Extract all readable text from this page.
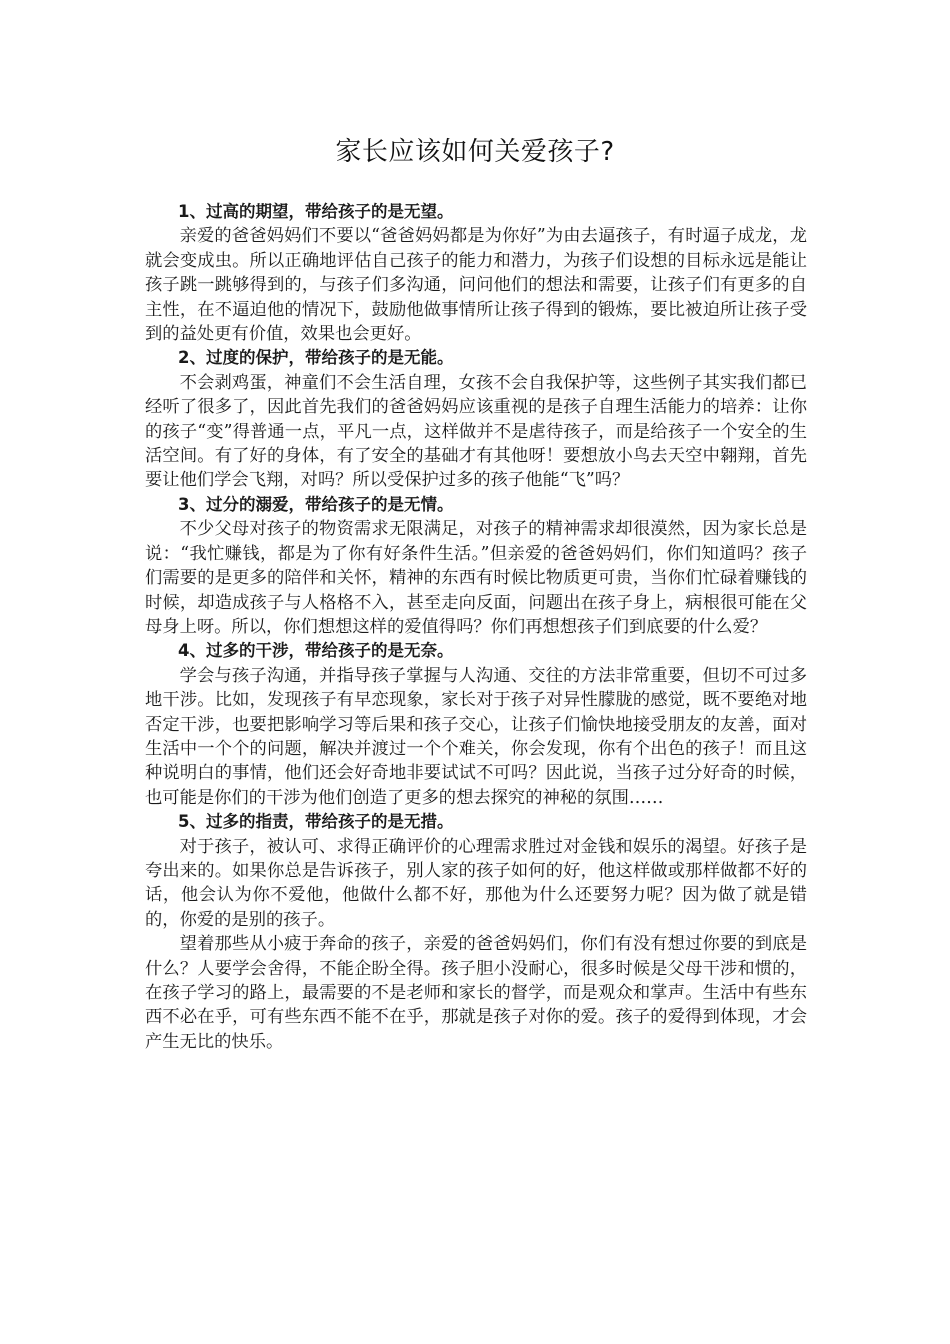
家长应该如何关爱孩子?

1、过高的期望，带给孩子的是无望。

亲爱的爸爸妈妈们不要以“爸爸妈妈都是为你好”为由去逼孩子，有时逼子成龙，龙就会变成虫。所以正确地评估自己孩子的能力和潜力，为孩子们设想的目标永远是能让孩子跳一跳够得到的，与孩子们多沟通，问问他们的想法和需要，让孩子们有更多的自主性，在不逼迫他的情况下，鼓励他做事情所让孩子得到的锻炼，要比被迫所让孩子受到的益处更有价值，效果也会更好。

2、过度的保护，带给孩子的是无能。

不会剥鸡蛋，神童们不会生活自理，女孩不会自我保护等，这些例子其实我们都已经听了很多了，因此首先我们的爸爸妈妈应该重视的是孩子自理生活能力的培养：让你的孩子“变”得普通一点，平凡一点，这样做并不是虐待孩子，而是给孩子一个安全的生活空间。有了好的身体，有了安全的基础才有其他呀！要想放小鸟去天空中翱翔，首先要让他们学会飞翔，对吗？所以受保护过多的孩子他能“飞”吗？

3、过分的溺爱，带给孩子的是无情。

不少父母对孩子的物资需求无限满足，对孩子的精神需求却很漠然，因为家长总是说：“我忙赚钱，都是为了你有好条件生活。”但亲爱的爸爸妈妈们，你们知道吗？孩子们需要的是更多的陪伴和关怀，精神的东西有时候比物质更可贵，当你们忙碌着赚钱的时候，却造成孩子与人格格不入，甚至走向反面，问题出在孩子身上，病根很可能在父母身上呀。所以，你们想想这样的爱值得吗？你们再想想孩子们到底要的什么爱？

4、过多的干涉，带给孩子的是无奈。

学会与孩子沟通，并指导孩子掌握与人沟通、交往的方法非常重要，但切不可过多地干涉。比如，发现孩子有早恋现象，家长对于孩子对异性朦胧的感觉，既不要绝对地否定干涉，也要把影响学习等后果和孩子交心，让孩子们愉快地接受朋友的友善，面对生活中一个个的问题，解决并渡过一个个难关，你会发现，你有个出色的孩子！而且这种说明白的事情，他们还会好奇地非要试试不可吗？因此说，当孩子过分好奇的时候，也可能是你们的干涉为他们创造了更多的想去探究的神秘的氛围……

5、过多的指责，带给孩子的是无措。

对于孩子，被认可、求得正确评价的心理需求胜过对金钱和娱乐的渴望。好孩子是夸出来的。如果你总是告诉孩子，别人家的孩子如何的好，他这样做或那样做都不好的话，他会认为你不爱他，他做什么都不好，那他为什么还要努力呢？因为做了就是错的，你爱的是别的孩子。

望着那些从小疲于奔命的孩子，亲爱的爸爸妈妈们，你们有没有想过你要的到底是什么？人要学会舍得，不能企盼全得。孩子胆小没耐心，很多时候是父母干涉和惯的，在孩子学习的路上，最需要的不是老师和家长的督学，而是观众和掌声。生活中有些东西不必在乎，可有些东西不能不在乎，那就是孩子对你的爱。孩子的爱得到体现，才会产生无比的快乐。
